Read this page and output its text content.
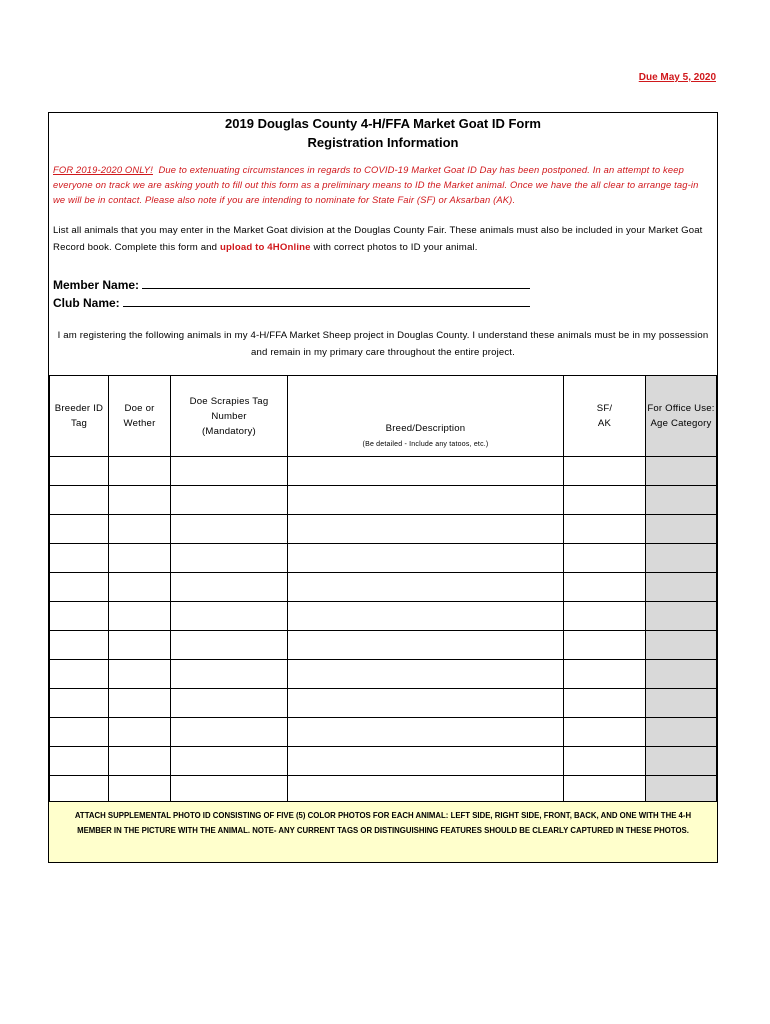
Due May 5, 2020
2019 Douglas County 4-H/FFA Market Goat ID Form
Registration Information
FOR 2019-2020 ONLY! Due to extenuating circumstances in regards to COVID-19 Market Goat ID Day has been postponed. In an attempt to keep everyone on track we are asking youth to fill out this form as a preliminary means to ID the Market animal. Once we have the all clear to arrange tag-in we will be in contact. Please also note if you are intending to nominate for State Fair (SF) or Aksarban (AK).
List all animals that you may enter in the Market Goat division at the Douglas County Fair. These animals must also be included in your Market Goat Record book. Complete this form and upload to 4HOnline with correct photos to ID your animal.
Member Name:
Club Name:
I am registering the following animals in my 4-H/FFA Market Sheep project in Douglas County. I understand these animals must be in my possession and remain in my primary care throughout the entire project.
Breeder ID
Tag	Doe or
Wether	Doe Scrapies Tag
Number
(Mandatory)	Breed/Description
(Be detailed - Include any tatoos, etc.)	SF/
AK	For Office Use:
Age Category

ATTACH SUPPLEMENTAL PHOTO ID CONSISTING OF FIVE (5) COLOR PHOTOS FOR EACH ANIMAL: LEFT SIDE, RIGHT SIDE, FRONT, BACK, AND ONE WITH THE 4-H MEMBER IN THE PICTURE WITH THE ANIMAL. NOTE- ANY CURRENT TAGS OR DISTINGUISHING FEATURES SHOULD BE CLEARLY CAPTURED IN THESE PHOTOS.
